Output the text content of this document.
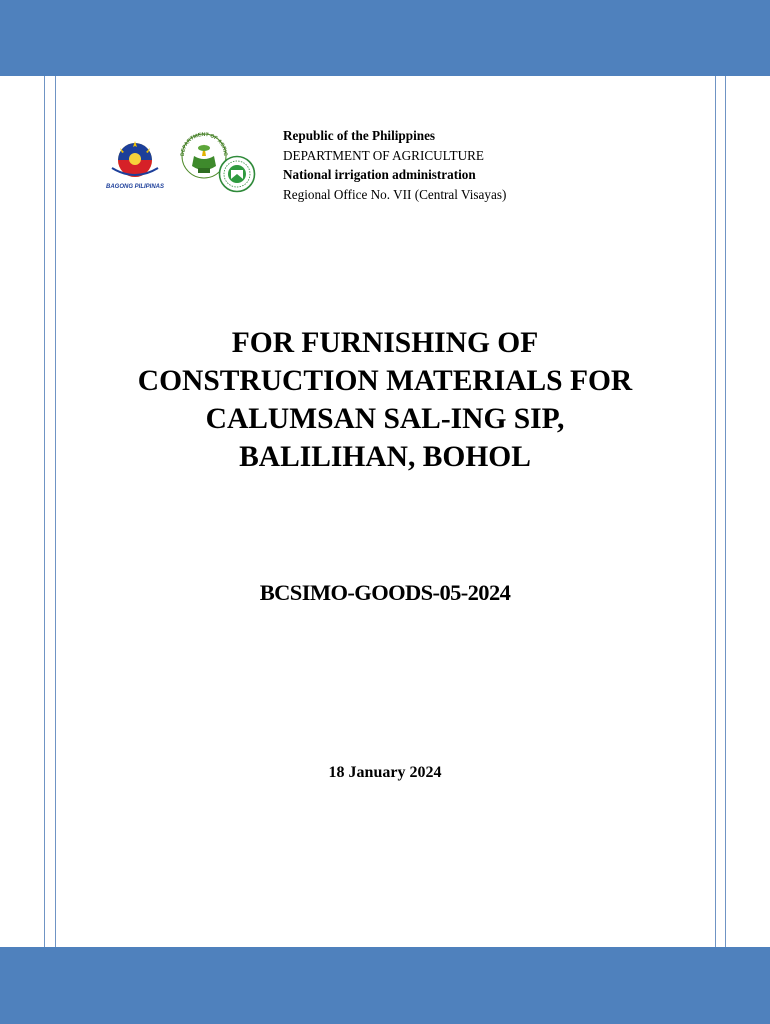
BAGONG PILIPINAS
DEPARTMENT OF AGRIC
Republic of the Philippines
DEPARTMENT OF AGRICULTURE
National irrigation administration
Regional Office No. VII (Central Visayas)
FOR FURNISHING OF
CONSTRUCTION MATERIALS FOR
CALUMSAN SAL-ING SIP,
BALILIHAN, BOHOL
BCSIMO-GOODS-05-2024
18 January 2024
